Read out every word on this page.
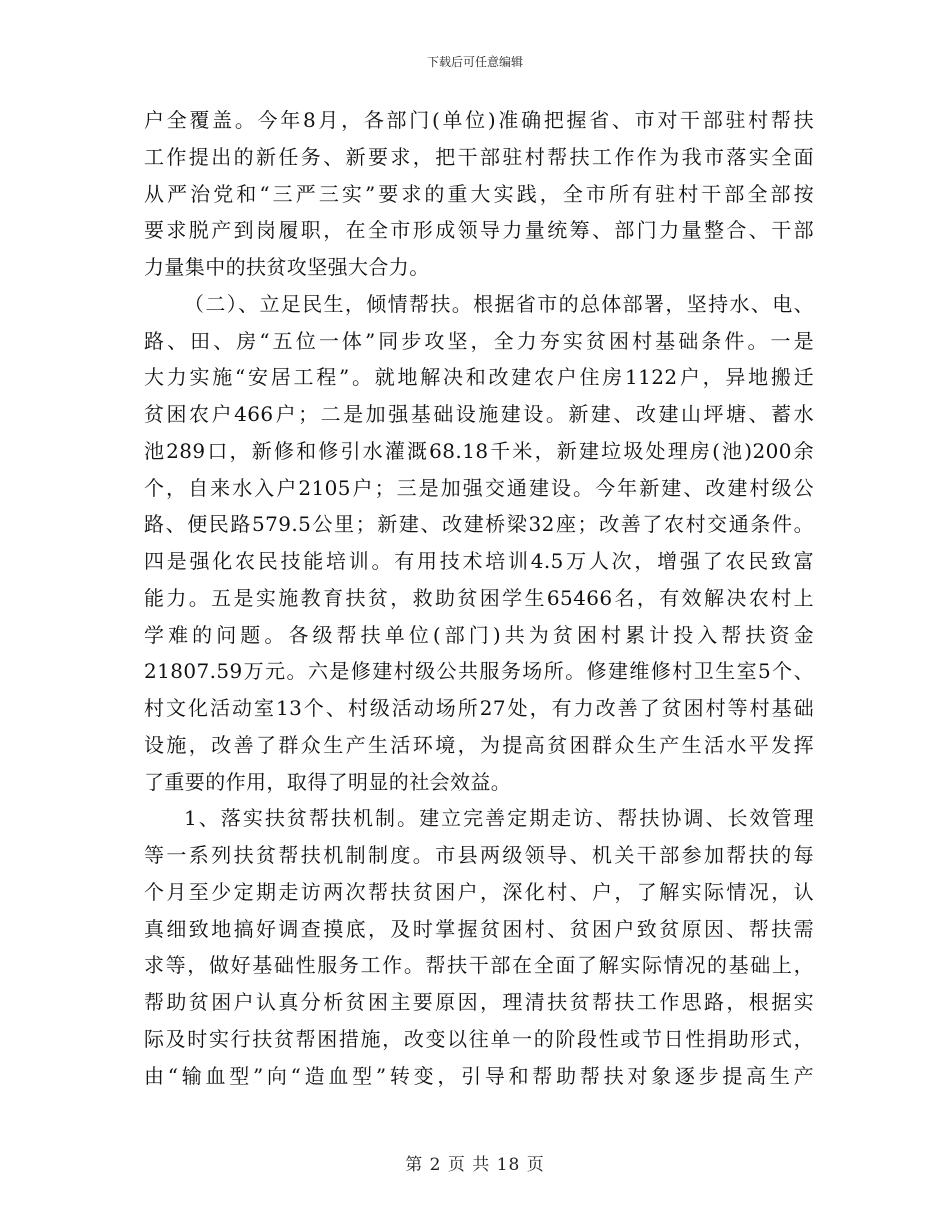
下载后可任意编辑
户全覆盖。今年8月，各部门(单位)准确把握省、市对干部驻村帮扶
工作提出的新任务、新要求，把干部驻村帮扶工作作为我市落实全面
从严治党和“三严三实”要求的重大实践，全市所有驻村干部全部按
要求脱产到岗履职，在全市形成领导力量统筹、部门力量整合、干部
力量集中的扶贫攻坚强大合力。
（二）、立足民生，倾情帮扶。根据省市的总体部署，坚持水、电、
路、田、房“五位一体”同步攻坚，全力夯实贫困村基础条件。一是
大力实施“安居工程”。就地解决和改建农户住房1122户，异地搬迁
贫困农户466户；二是加强基础设施建设。新建、改建山坪塘、蓄水
池289口，新修和修引水灌溉68.18千米，新建垃圾处理房(池)200余
个，自来水入户2105户；三是加强交通建设。今年新建、改建村级公
路、便民路579.5公里；新建、改建桥梁32座；改善了农村交通条件。
四是强化农民技能培训。有用技术培训4.5万人次，增强了农民致富
能力。五是实施教育扶贫，救助贫困学生65466名，有效解决农村上
学难的问题。各级帮扶单位(部门)共为贫困村累计投入帮扶资金
21807.59万元。六是修建村级公共服务场所。修建维修村卫生室5个、
村文化活动室13个、村级活动场所27处，有力改善了贫困村等村基础
设施，改善了群众生产生活环境，为提高贫困群众生产生活水平发挥
了重要的作用，取得了明显的社会效益。
1、落实扶贫帮扶机制。建立完善定期走访、帮扶协调、长效管理
等一系列扶贫帮扶机制制度。市县两级领导、机关干部参加帮扶的每
个月至少定期走访两次帮扶贫困户，深化村、户，了解实际情况，认
真细致地搞好调查摸底，及时掌握贫困村、贫困户致贫原因、帮扶需
求等，做好基础性服务工作。帮扶干部在全面了解实际情况的基础上，
帮助贫困户认真分析贫困主要原因，理清扶贫帮扶工作思路，根据实
际及时实行扶贫帮困措施，改变以往单一的阶段性或节日性捐助形式，
由“输血型”向“造血型”转变，引导和帮助帮扶对象逐步提高生产
第 2 页 共 18 页
